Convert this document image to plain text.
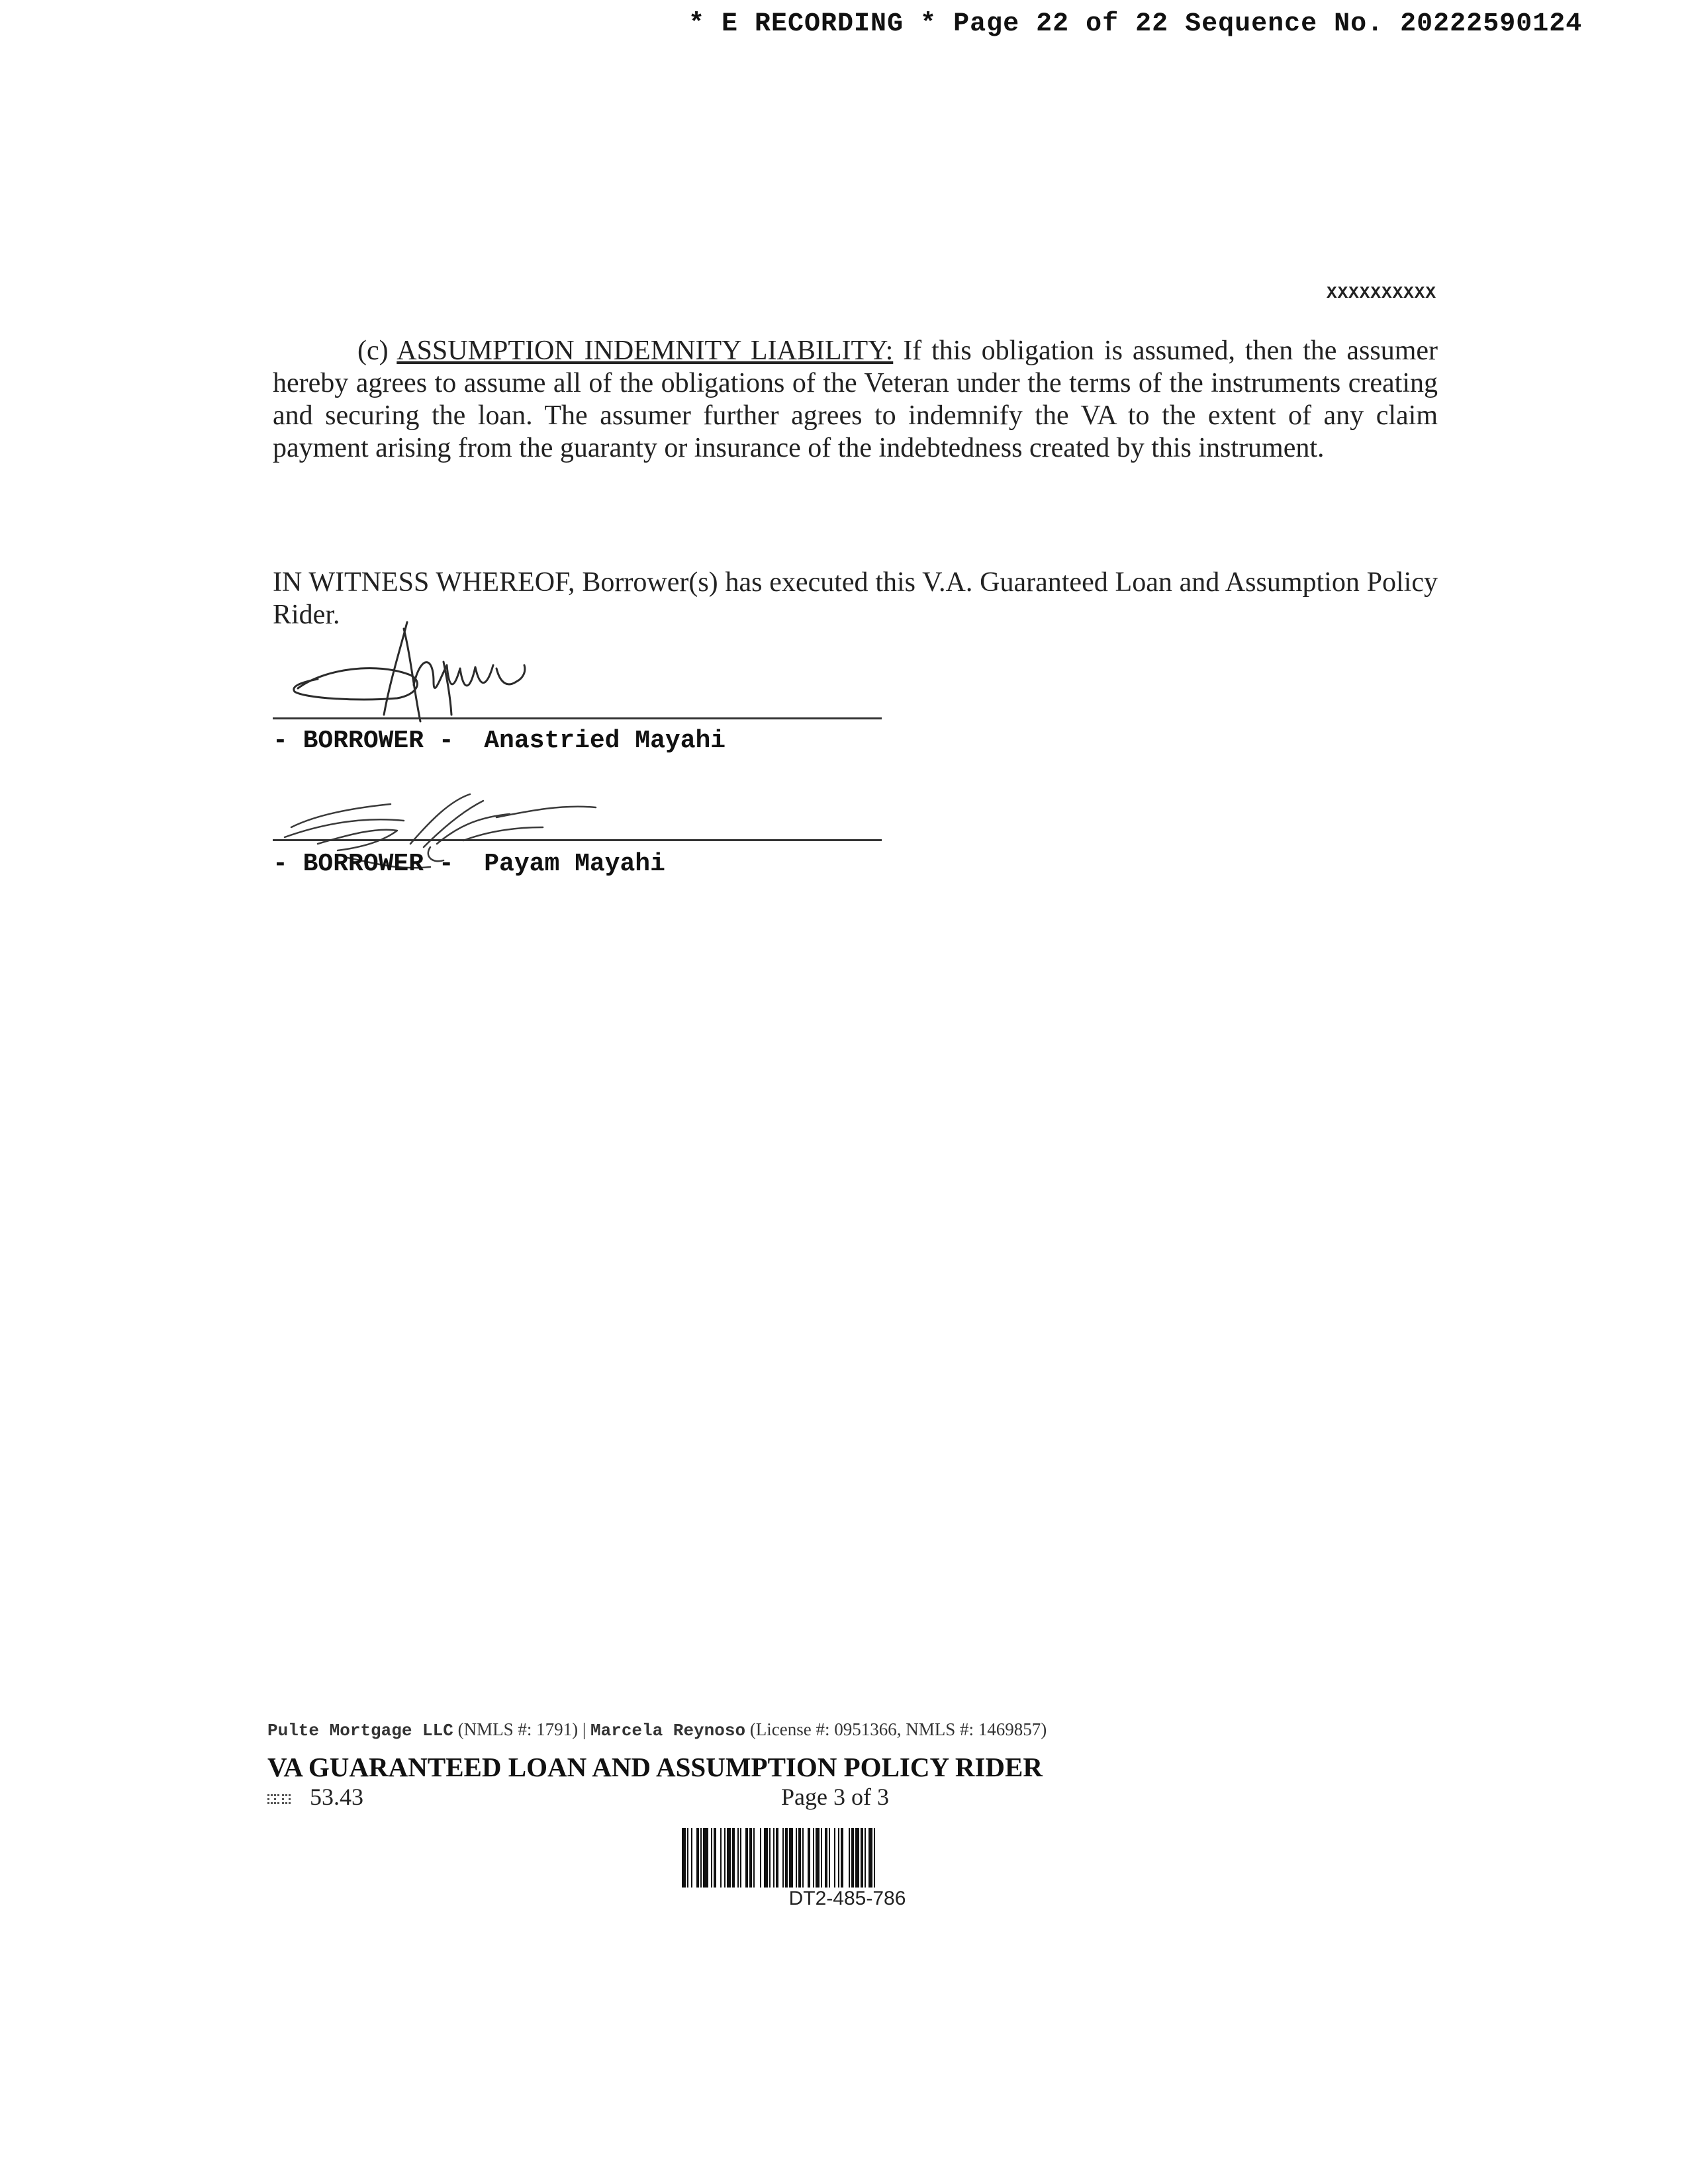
* E RECORDING * Page 22 of 22 Sequence No. 20222590124
XXXXXXXXXX
(c) ASSUMPTION INDEMNITY LIABILITY: If this obligation is assumed, then the assumer hereby agrees to assume all of the obligations of the Veteran under the terms of the instruments creating and securing the loan. The assumer further agrees to indemnify the VA to the extent of any claim payment arising from the guaranty or insurance of the indebtedness created by this instrument.
IN WITNESS WHEREOF, Borrower(s) has executed this V.A. Guaranteed Loan and Assumption Policy Rider.
- BORROWER -  Anastried Mayahi
- BORROWER -  Payam Mayahi
Pulte Mortgage LLC (NMLS #: 1791) | Marcela Reynoso (License #: 0951366, NMLS #: 1469857)
VA GUARANTEED LOAN AND ASSUMPTION POLICY RIDER
53.43	Page 3 of 3
DT2-485-786
